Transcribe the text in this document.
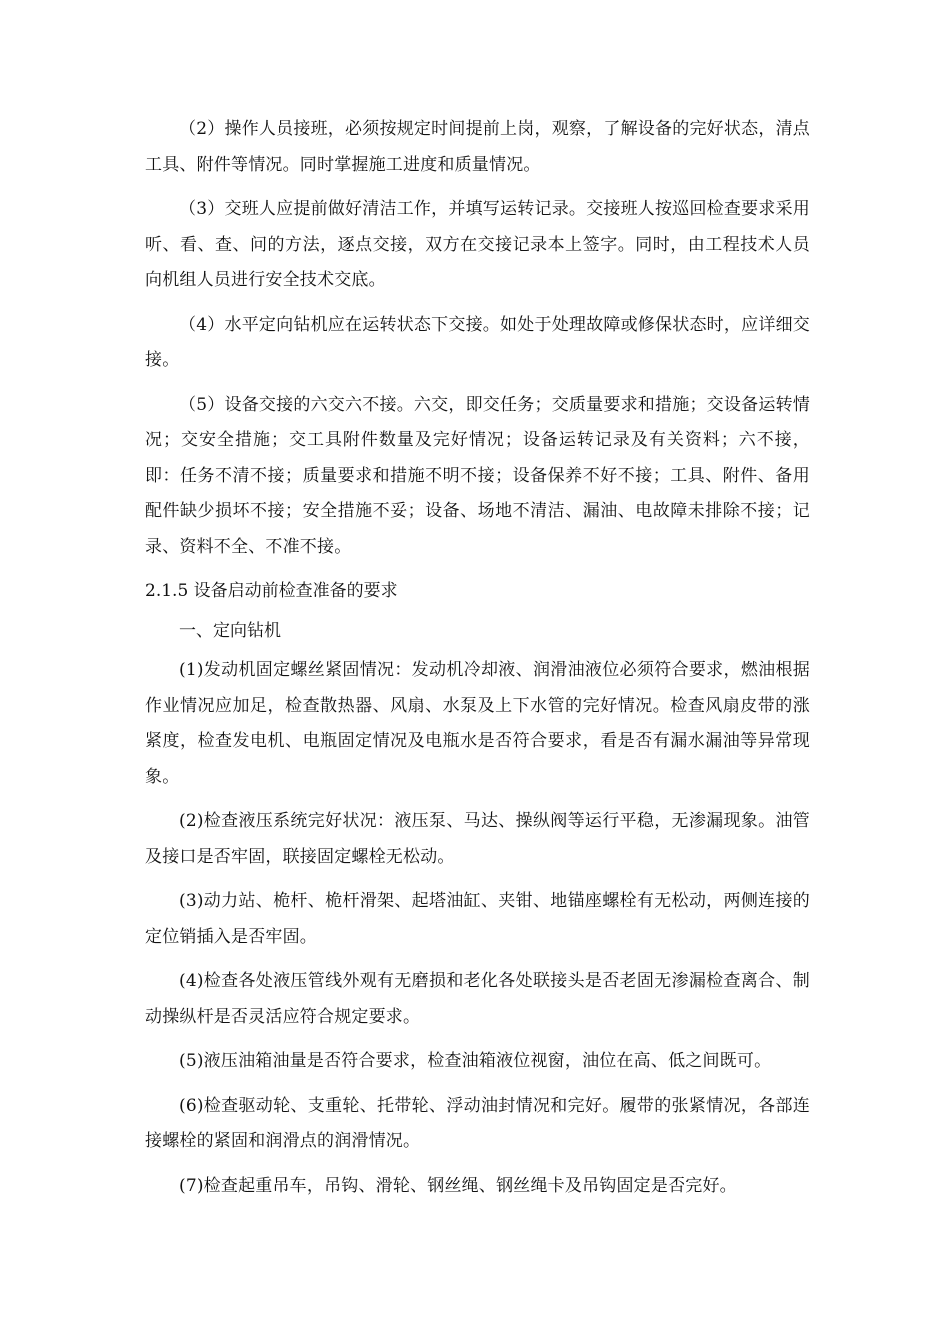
（2）操作人员接班，必须按规定时间提前上岗，观察，了解设备的完好状态，清点工具、附件等情况。同时掌握施工进度和质量情况。

（3）交班人应提前做好清洁工作，并填写运转记录。交接班人按巡回检查要求采用听、看、查、问的方法，逐点交接，双方在交接记录本上签字。同时，由工程技术人员向机组人员进行安全技术交底。

（4）水平定向钻机应在运转状态下交接。如处于处理故障或修保状态时，应详细交接。

（5）设备交接的六交六不接。六交，即交任务；交质量要求和措施；交设备运转情况；交安全措施；交工具附件数量及完好情况；设备运转记录及有关资料；六不接，即：任务不清不接；质量要求和措施不明不接；设备保养不好不接；工具、附件、备用配件缺少损坏不接；安全措施不妥；设备、场地不清洁、漏油、电故障未排除不接；记录、资料不全、不准不接。

2.1.5 设备启动前检查准备的要求

一、定向钻机

(1)发动机固定螺丝紧固情况：发动机冷却液、润滑油液位必须符合要求，燃油根据作业情况应加足，检查散热器、风扇、水泵及上下水管的完好情况。检查风扇皮带的涨紧度，检查发电机、电瓶固定情况及电瓶水是否符合要求，看是否有漏水漏油等异常现象。

(2)检查液压系统完好状况：液压泵、马达、操纵阀等运行平稳，无渗漏现象。油管及接口是否牢固，联接固定螺栓无松动。

(3)动力站、桅杆、桅杆滑架、起塔油缸、夹钳、地锚座螺栓有无松动，两侧连接的定位销插入是否牢固。

(4)检查各处液压管线外观有无磨损和老化各处联接头是否老固无渗漏检查离合、制动操纵杆是否灵活应符合规定要求。

(5)液压油箱油量是否符合要求，检查油箱液位视窗，油位在高、低之间既可。

(6)检查驱动轮、支重轮、托带轮、浮动油封情况和完好。履带的张紧情况，各部连接螺栓的紧固和润滑点的润滑情况。

(7)检查起重吊车，吊钩、滑轮、钢丝绳、钢丝绳卡及吊钩固定是否完好。
